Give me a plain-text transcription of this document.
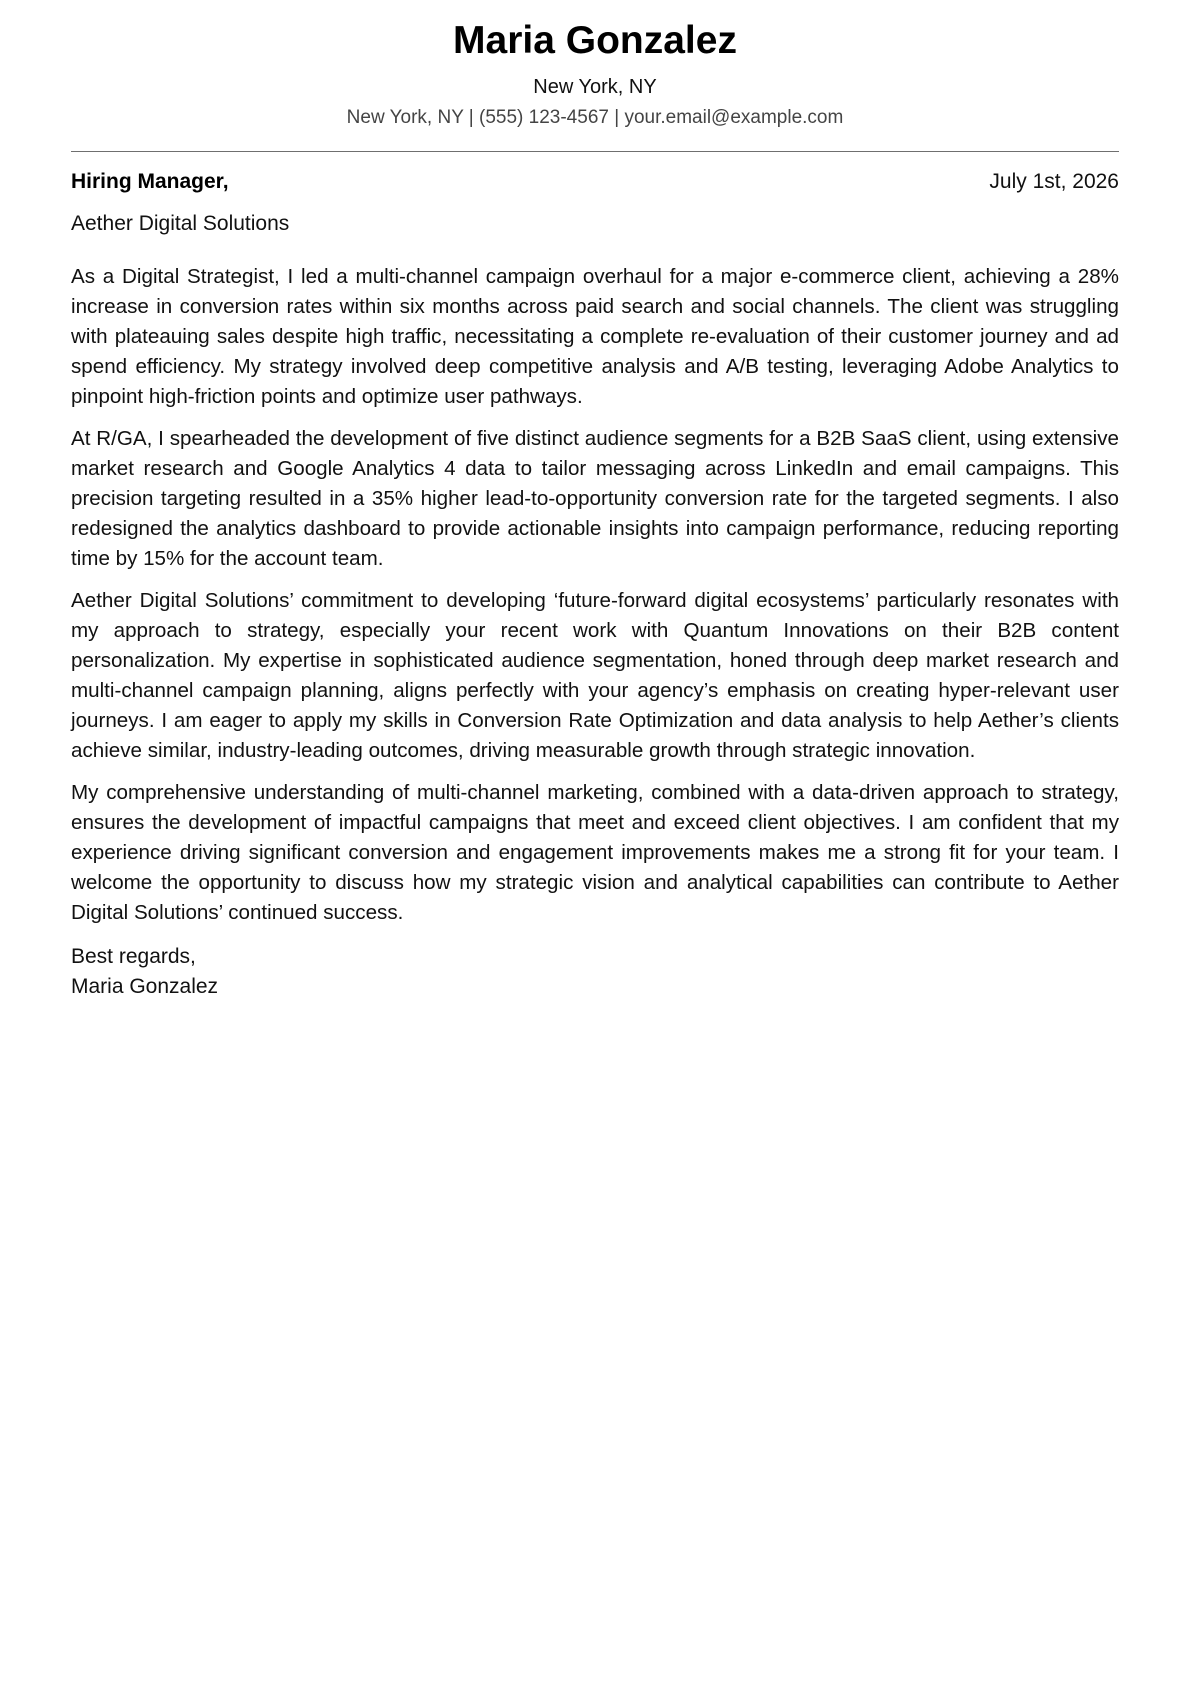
Maria Gonzalez
New York, NY
New York, NY | (555) 123-4567 | your.email@example.com
Hiring Manager,	July 1st, 2026
Aether Digital Solutions

As a Digital Strategist, I led a multi-channel campaign overhaul for a major e-commerce client, achieving a 28% increase in conversion rates within six months across paid search and social channels. The client was struggling with plateauing sales despite high traffic, necessitating a complete re-evaluation of their customer journey and ad spend efficiency. My strategy involved deep competitive analysis and A/B testing, leveraging Adobe Analytics to pinpoint high-friction points and optimize user pathways.

At R/GA, I spearheaded the development of five distinct audience segments for a B2B SaaS client, using extensive market research and Google Analytics 4 data to tailor messaging across LinkedIn and email campaigns. This precision targeting resulted in a 35% higher lead-to-opportunity conversion rate for the targeted segments. I also redesigned the analytics dashboard to provide actionable insights into campaign performance, reducing reporting time by 15% for the account team.

Aether Digital Solutions’ commitment to developing ‘future-forward digital ecosystems’ particularly resonates with my approach to strategy, especially your recent work with Quantum Innovations on their B2B content personalization. My expertise in sophisticated audience segmentation, honed through deep market research and multi-channel campaign planning, aligns perfectly with your agency’s emphasis on creating hyper-relevant user journeys. I am eager to apply my skills in Conversion Rate Optimization and data analysis to help Aether’s clients achieve similar, industry-leading outcomes, driving measurable growth through strategic innovation.

My comprehensive understanding of multi-channel marketing, combined with a data-driven approach to strategy, ensures the development of impactful campaigns that meet and exceed client objectives. I am confident that my experience driving significant conversion and engagement improvements makes me a strong fit for your team. I welcome the opportunity to discuss how my strategic vision and analytical capabilities can contribute to Aether Digital Solutions’ continued success.

Best regards,
Maria Gonzalez
